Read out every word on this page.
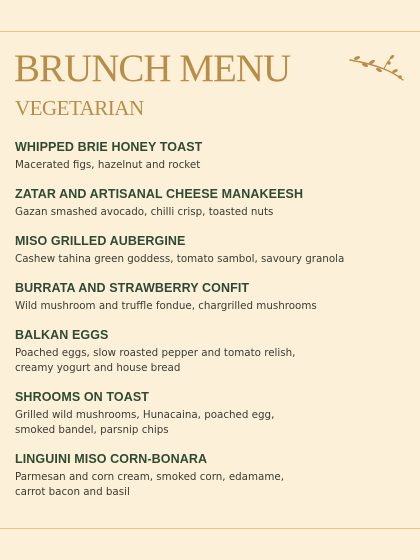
BRUNCH MENU
VEGETARIAN
WHIPPED BRIE HONEY TOAST
Macerated figs, hazelnut and rocket
ZATAR AND ARTISANAL CHEESE MANAKEESH
Gazan smashed avocado, chilli crisp, toasted nuts
MISO GRILLED AUBERGINE
Cashew tahina green goddess, tomato sambol, savoury granola
BURRATA AND STRAWBERRY CONFIT
Wild mushroom and truffle fondue, chargrilled mushrooms
BALKAN EGGS
Poached eggs, slow roasted pepper and tomato relish,
creamy yogurt and house bread
SHROOMS ON TOAST
Grilled wild mushrooms, Hunacaina, poached egg,
smoked bandel, parsnip chips
LINGUINI MISO CORN-BONARA
Parmesan and corn cream, smoked corn, edamame,
carrot bacon and basil
